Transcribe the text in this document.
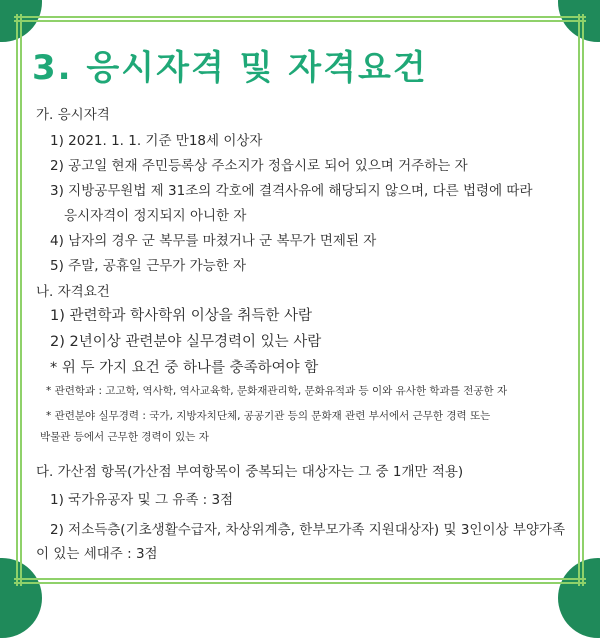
3. 응시자격 및 자격요건
가. 응시자격
1) 2021. 1. 1. 기준 만18세 이상자
2) 공고일 현재 주민등록상 주소지가 정읍시로 되어 있으며 거주하는 자
3) 지방공무원법 제 31조의 각호에 결격사유에 해당되지 않으며, 다른 법령에 따라
응시자격이 정지되지 아니한 자
4) 남자의 경우 군 복무를 마쳤거나 군 복무가 면제된 자
5) 주말, 공휴일 근무가 가능한 자
나. 자격요건
1) 관련학과 학사학위 이상을 취득한 사람
2) 2년이상 관련분야 실무경력이 있는 사람
* 위 두 가지 요건 중 하나를 충족하여야 함
* 관련학과 : 고고학, 역사학, 역사교육학, 문화재관리학, 문화유적과 등 이와 유사한 학과를 전공한 자
* 관련분야 실무경력 : 국가, 지방자치단체, 공공기관 등의 문화재 관련 부서에서 근무한 경력 또는
박물관 등에서 근무한 경력이 있는 자
다. 가산점 항목(가산점 부여항목이 중복되는 대상자는 그 중 1개만 적용)
1) 국가유공자 및 그 유족 : 3점
2) 저소득층(기초생활수급자, 차상위계층, 한부모가족 지원대상자) 및 3인이상 부양가족
이 있는 세대주 : 3점
